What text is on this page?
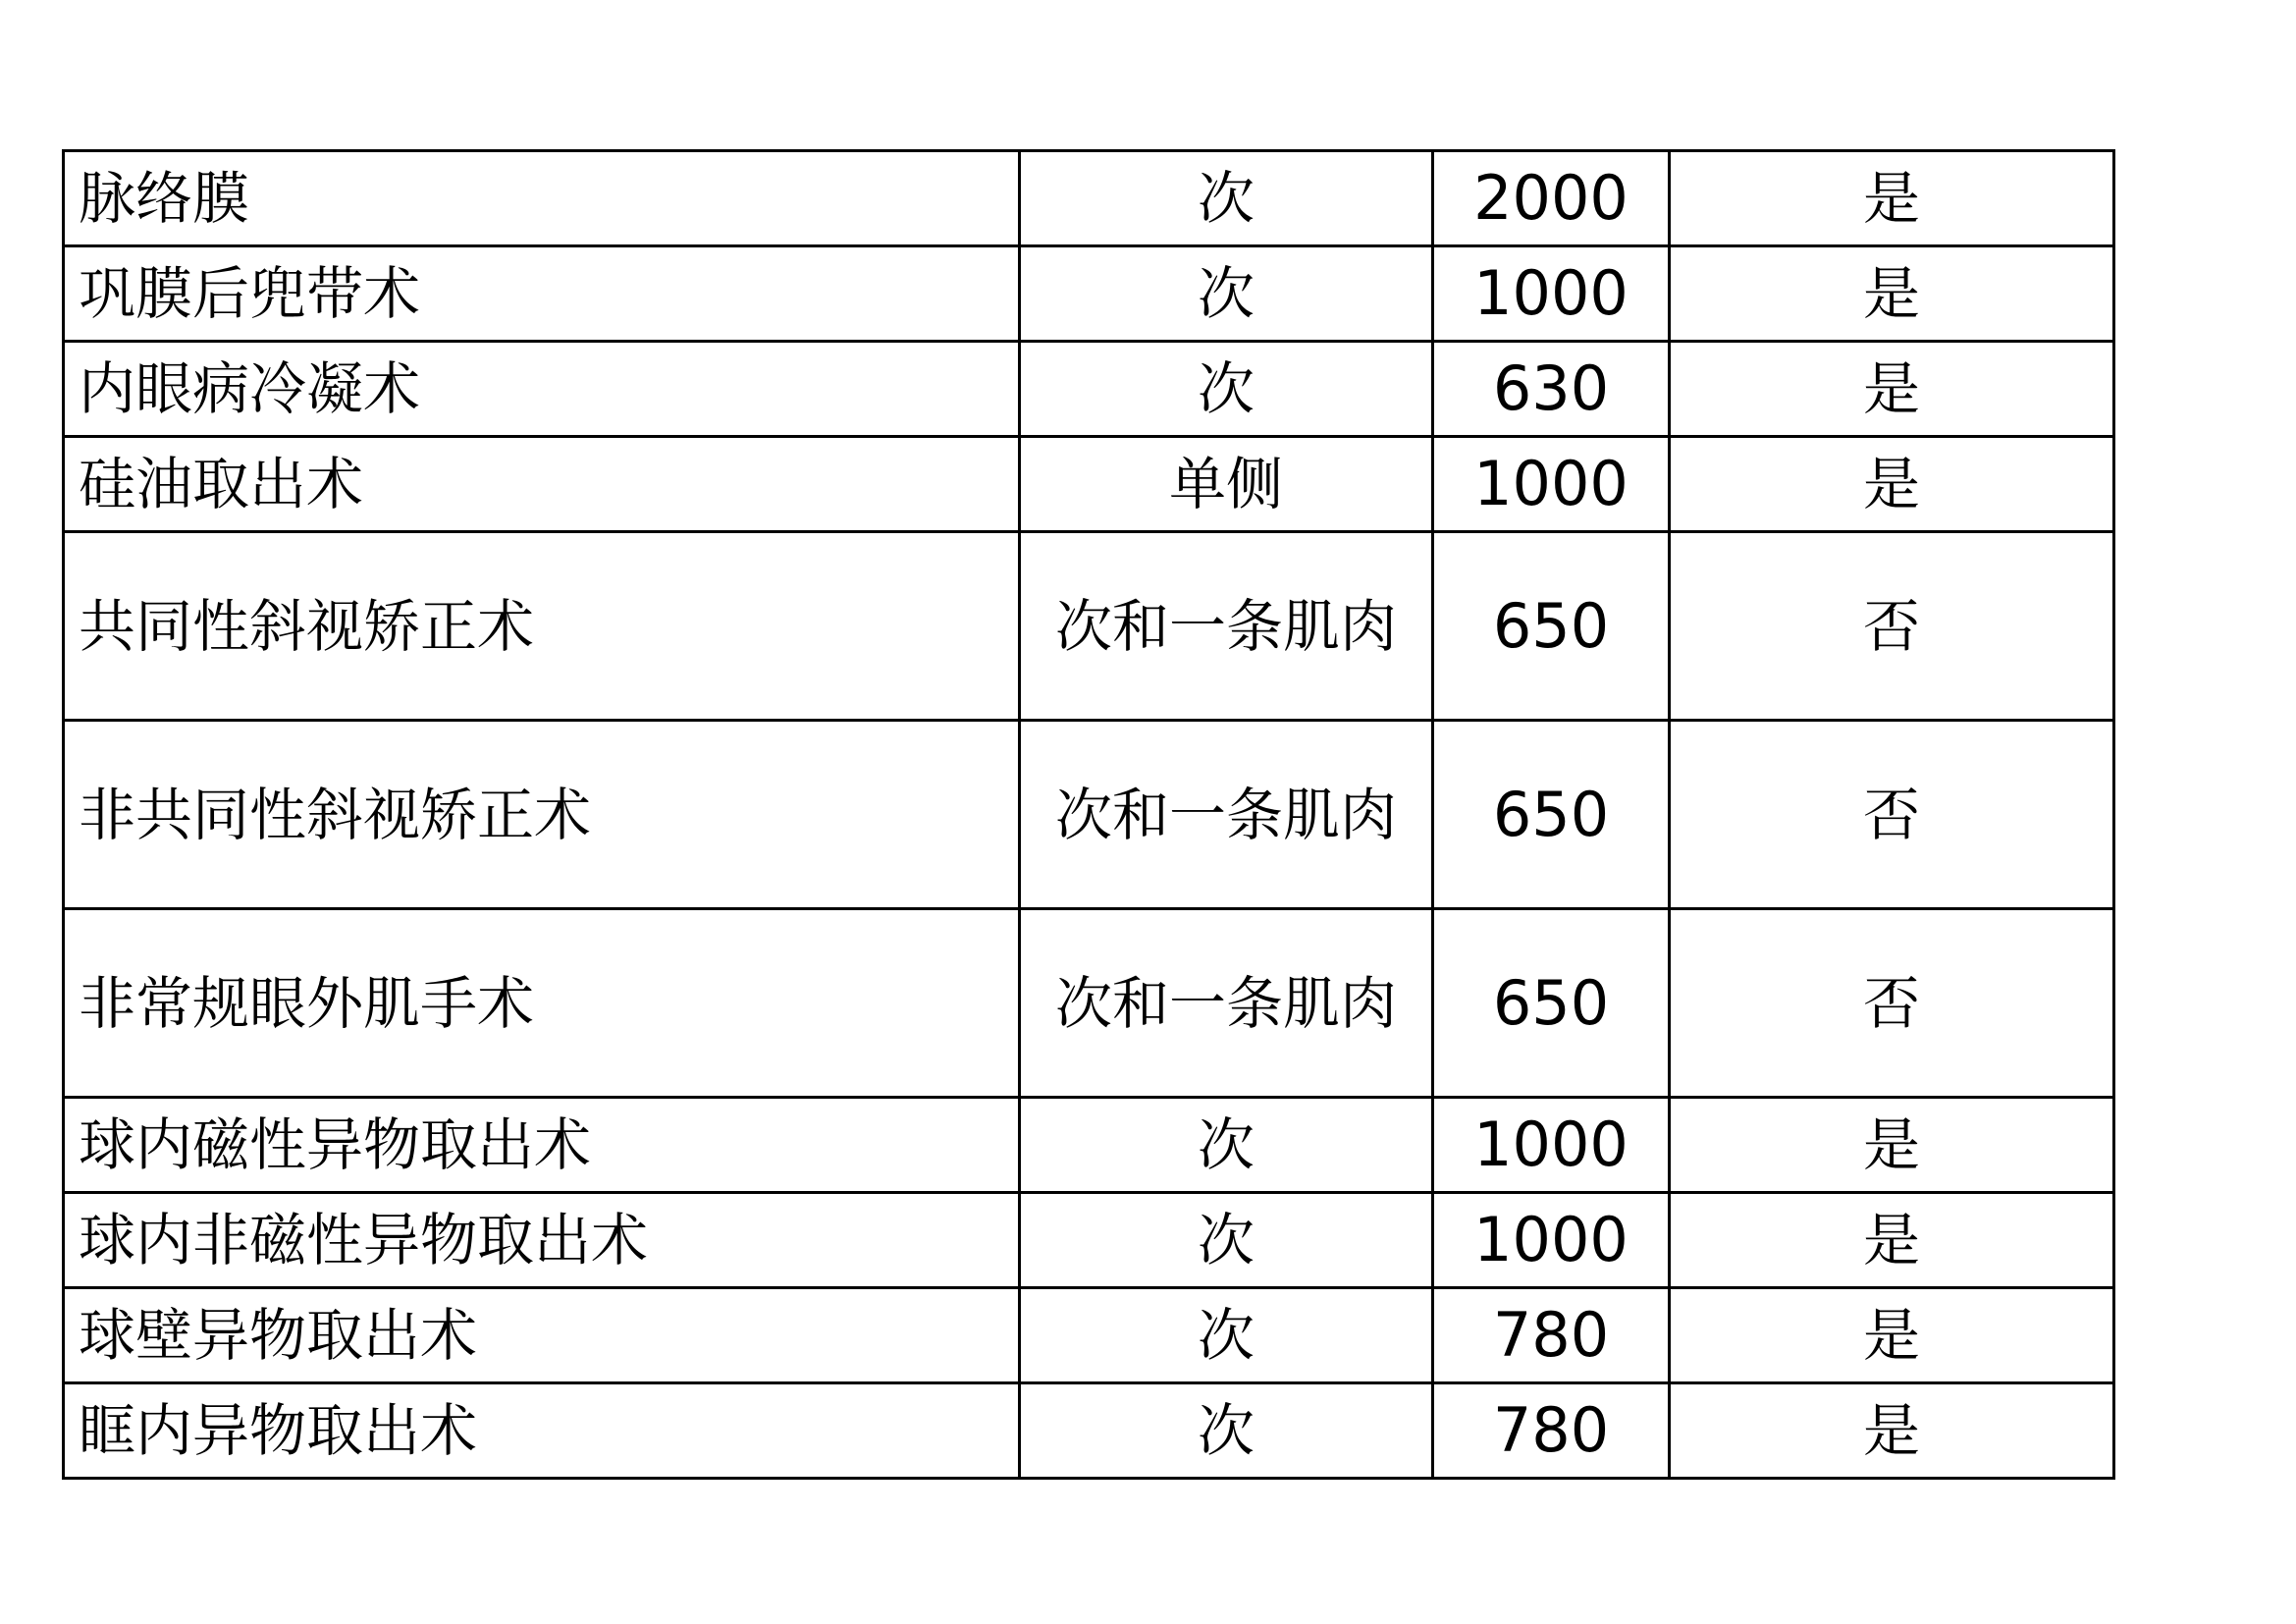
脉络膜	次	2000	是
巩膜后兜带术	次	1000	是
内眼病冷凝术	次	630	是
硅油取出术	单侧	1000	是
共同性斜视矫正术	次和一条肌肉	650	否
非共同性斜视矫正术	次和一条肌肉	650	否
非常规眼外肌手术	次和一条肌肉	650	否
球内磁性异物取出术	次	1000	是
球内非磁性异物取出术	次	1000	是
球壁异物取出术	次	780	是
眶内异物取出术	次	780	是
